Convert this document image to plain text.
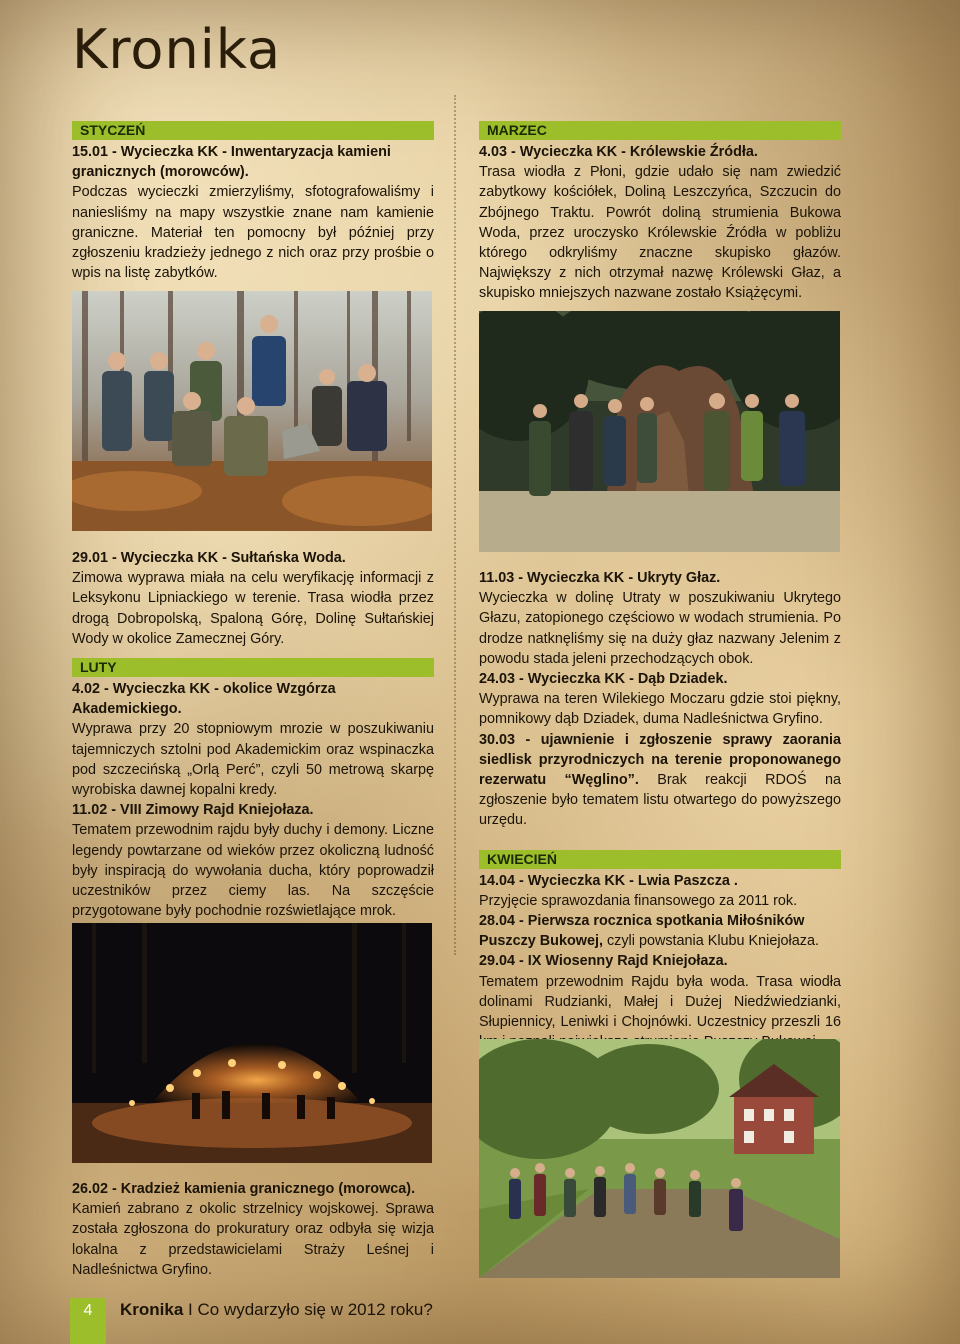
Kronika
STYCZEŃ

15.01 - Wycieczka KK - Inwentaryzacja kamieni granicznych (morowców).

Podczas wycieczki zmierzyliśmy, sfotografowaliśmy i naniesliśmy na mapy wszystkie znane nam kamienie graniczne. Materiał ten pomocny był później przy zgłoszeniu kradzieży jednego z nich oraz przy prośbie o wpis na listę zabytków.

MARZEC

4.03 - Wycieczka KK - Królewskie Źródła.

Trasa wiodła z Płoni, gdzie udało się nam zwiedzić zabytkowy kościółek, Doliną Leszczyńca, Szczucin do Zbójnego Traktu. Powrót doliną strumienia Bukowa Woda, przez uroczysko Królewskie Źródła w pobliżu którego odkryliśmy znaczne skupisko głazów. Największy z nich otrzymał nazwę Królewski Głaz, a skupisko mniejszych nazwane zostało Książęcymi.

29.01 - Wycieczka KK - Sułtańska Woda.

Zimowa wyprawa miała na celu weryfikację informacji z Leksykonu Lipniackiego w terenie. Trasa wiodła przez drogą Dobropolską, Spaloną Górę, Dolinę Sułtańskiej Wody w okolice Zamecznej Góry.

LUTY

4.02 - Wycieczka KK - okolice Wzgórza Akademickiego.

Wyprawa przy 20 stopniowym mrozie w poszukiwaniu tajemniczych sztolni pod Akademickim oraz wspinaczka pod szczecińską „Orlą Perć”, czyli 50 metrową skarpę wyrobiska dawnej kopalni kredy.

11.02 - VIII Zimowy Rajd Kniejołaza.

Tematem przewodnim rajdu były duchy i demony. Liczne legendy powtarzane od wieków przez okoliczną ludność były inspiracją do wywołania ducha, który poprowadził uczestników przez ciemy las. Na szczęście przygotowane były pochodnie rozświetlające mrok.

11.03 - Wycieczka KK - Ukryty Głaz.

Wycieczka w dolinę Utraty w poszukiwaniu Ukrytego Głazu, zatopionego częściowo w wodach strumienia. Po drodze natknęliśmy się na duży głaz nazwany Jelenim z powodu stada jeleni przechodzących obok.

24.03 - Wycieczka KK - Dąb Dziadek.

Wyprawa na teren Wilekiego Moczaru gdzie stoi piękny, pomnikowy dąb Dziadek, duma Nadleśnictwa Gryfino.

30.03 - ujawnienie i zgłoszenie sprawy zaorania siedlisk przyrodniczych na terenie proponowanego rezerwatu “Węglino”. Brak reakcji RDOŚ na zgłoszenie było tematem listu otwartego do powyższego urzędu.

KWIECIEŃ

14.04 - Wycieczka KK - Lwia Paszcza .

Przyjęcie sprawozdania finansowego za 2011 rok.

28.04 - Pierwsza rocznica spotkania Miłośników Puszczy Bukowej, czyli powstania Klubu Kniejołaza.

29.04 - IX Wiosenny Rajd Kniejołaza.

Tematem przewodnim Rajdu była woda. Trasa wiodła dolinami Rudzianki, Małej i Dużej Niedźwiedzianki, Słupiennicy, Leniwki i Chojnówki. Uczestnicy przeszli 16

26.02 - Kradzież kamienia granicznego (morowca).

Kamień zabrano z okolic strzelnicy wojskowej. Sprawa została zgłoszona do prokuratury oraz odbyła się wizja lokalna z przedstawicielami Straży Leśnej i Nadleśnictwa Gryfino.

4	Kronika I Co wydarzyło się w 2012 roku?
